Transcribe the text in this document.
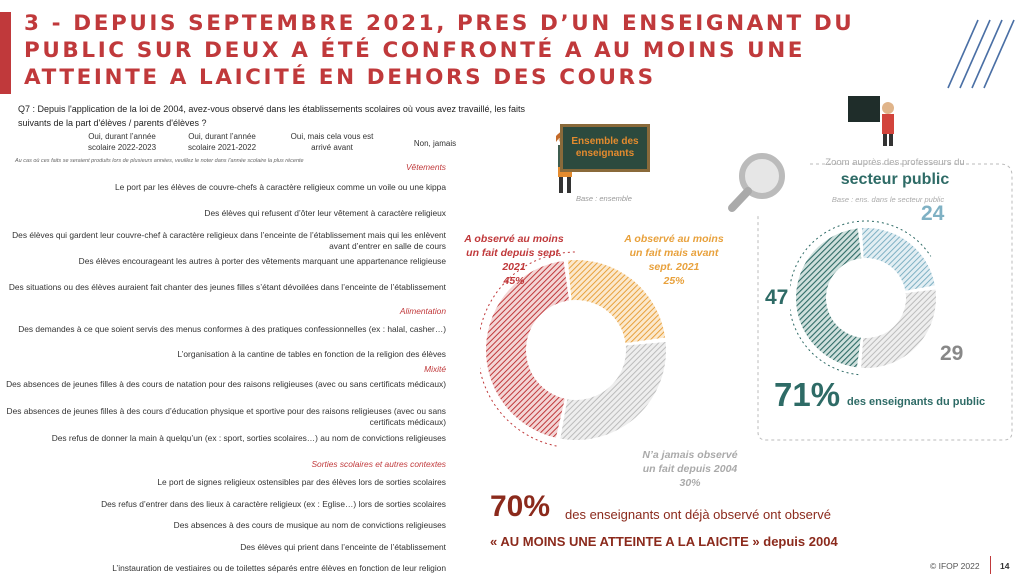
3 - DEPUIS SEPTEMBRE 2021, PRES D’UN ENSEIGNANT DU PUBLIC SUR DEUX A ÉTÉ CONFRONTÉ A AU MOINS UNE ATTEINTE A LAICITÉ EN DEHORS DES COURS
Q7 : Depuis l'application de la loi de 2004, avez-vous observé dans les établissements scolaires où vous avez travaillé, les faits suivants de la part d'élèves / parents d'élèves ?
Oui, durant l’année scolaire 2022-2023
Oui, durant l’année scolaire 2021-2022
Oui, mais cela vous est arrivé avant	Non, jamais
Au cas où ces faits se seraient produits lors de plusieurs années, veuillez le noter dans l’année scolaire la plus récente
Vêtements
Le port par les élèves de couvre-chefs à caractère religieux comme un voile ou une kippa
Des élèves qui refusent d’ôter leur vêtement à caractère religieux
Des élèves qui gardent leur couvre-chef à caractère religieux dans l’enceinte de l’établissement mais qui les enlèvent avant d’entrer en salle de cours
Des élèves encourageant les autres à porter des vêtements marquant une appartenance religieuse
Des situations ou des élèves auraient fait chanter des jeunes filles s’étant dévoilées dans l’enceinte de l’établissement
Alimentation
Des demandes à ce que soient servis des menus conformes à des pratiques confessionnelles (ex : halal, casher…)
L’organisation à la cantine de tables en fonction de la religion des élèves
Mixité
Des absences de jeunes filles à des cours de natation pour des raisons religieuses (avec ou sans certificats médicaux)
Des absences de jeunes filles à des cours d’éducation physique et sportive pour des raisons religieuses (avec ou sans certificats médicaux)
Des refus de donner la main à quelqu’un (ex : sport, sorties scolaires…) au nom de convictions religieuses
Sorties scolaires et autres contextes
Le port de signes religieux ostensibles par des élèves lors de sorties scolaires
Des refus d’entrer dans des lieux à caractère religieux (ex : Eglise…) lors de sorties scolaires
Des absences à des cours de musique au nom de convictions religieuses
Des élèves qui prient dans l’enceinte de l’établissement
L’instauration de vestiaires ou de toilettes séparés entre élèves en fonction de leur religion
Ensemble des enseignants
Base : ensemble
Zoom auprès des professeurs du
secteur public
Base : ens. dans le secteur public
A observé au moins
un fait depuis sept.
2021
45%
A observé au moins
un fait mais avant
sept. 2021
25%
N’a jamais observé
un fait depuis 2004
30%
24
47
29
71% des enseignants du public
70% des enseignants ont déjà observé ont observé
« AU MOINS UNE ATTEINTE A LA LAICITE » depuis 2004
© IFOP 2022 14
